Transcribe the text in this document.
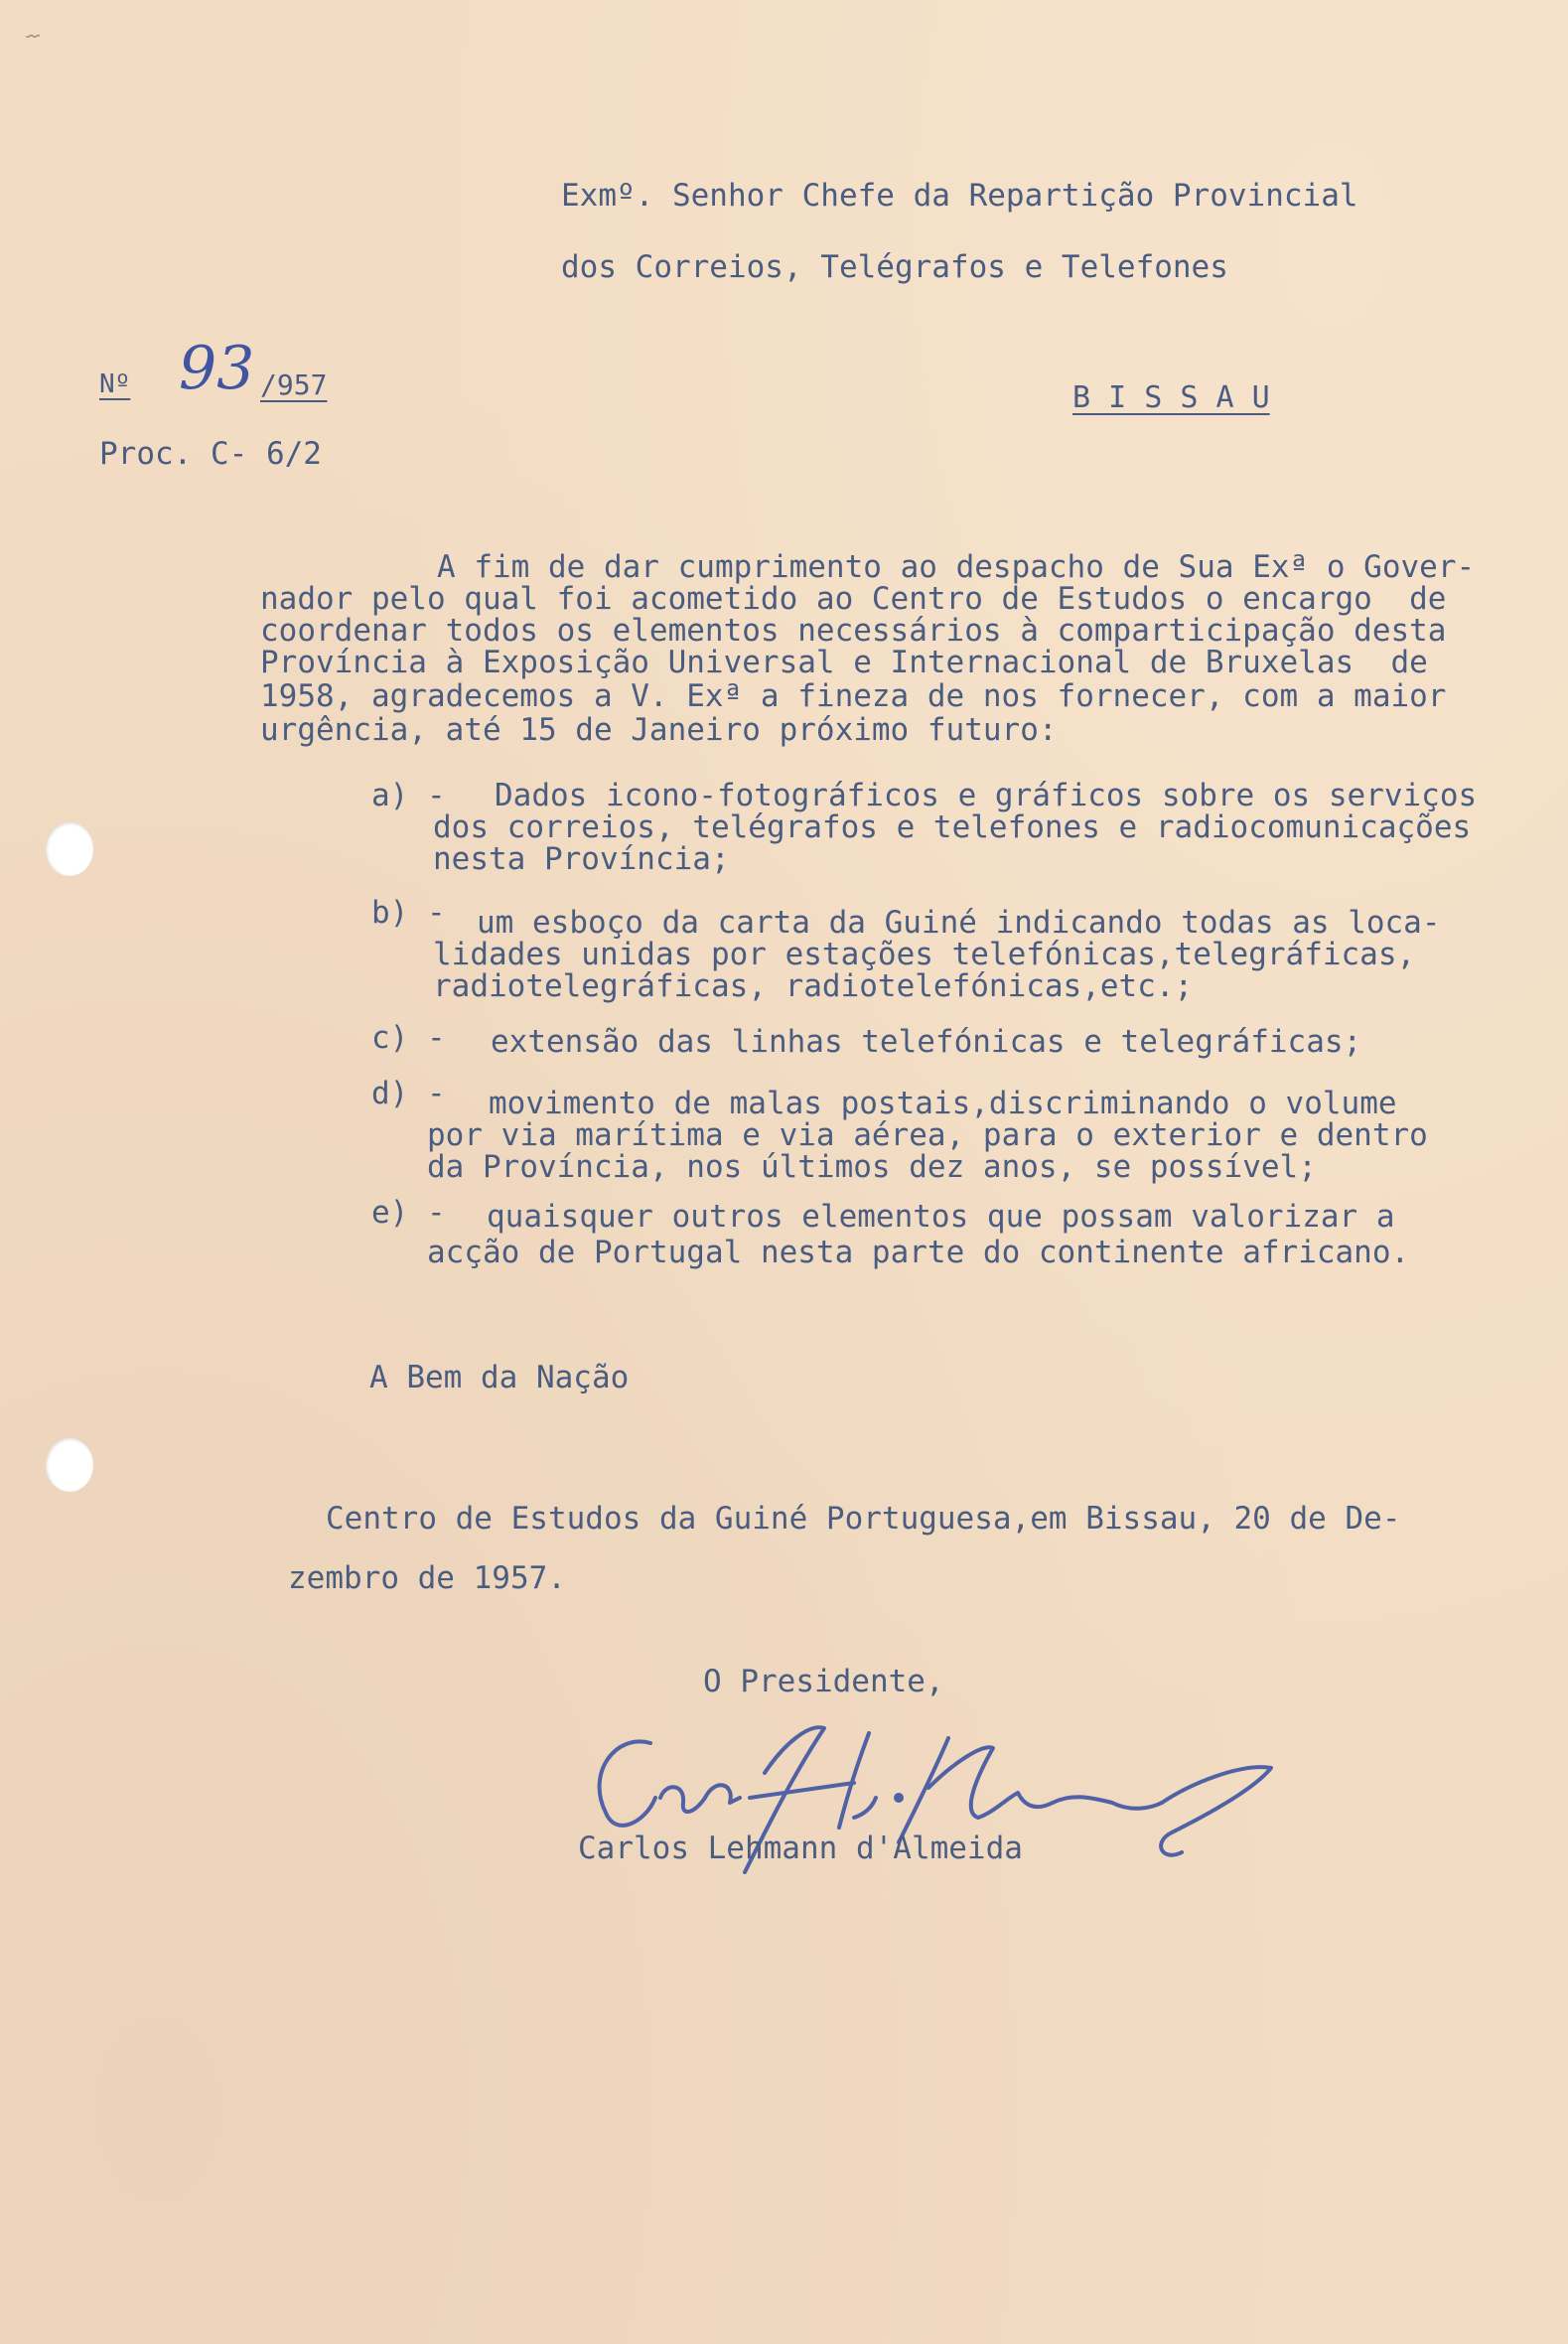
⌇
Exmº. Senhor Chefe da Repartição Provincial
dos Correios, Telégrafos e Telefones
Nº 93 /957
Proc. C- 6/2
B I S S A U
A fim de dar cumprimento ao despacho de Sua Exª o Gover-
nador pelo qual foi acometido ao Centro de Estudos o encargo  de
coordenar todos os elementos necessários à comparticipação desta
Província à Exposição Universal e Internacional de Bruxelas  de
1958, agradecemos a V. Exª a fineza de nos fornecer, com a maior
urgência, até 15 de Janeiro próximo futuro:
a) - Dados icono-fotográficos e gráficos sobre os serviços
dos correios, telégrafos e telefones e radiocomunicações
nesta Província;
b) - um esboço da carta da Guiné indicando todas as loca-
lidades unidas por estações telefónicas,telegráficas,
radiotelegráficas, radiotelefónicas,etc.;
c) - extensão das linhas telefónicas e telegráficas;
d) - movimento de malas postais,discriminando o volume
por via marítima e via aérea, para o exterior e dentro
da Província, nos últimos dez anos, se possível;
e) - quaisquer outros elementos que possam valorizar a
acção de Portugal nesta parte do continente africano.
A Bem da Nação
Centro de Estudos da Guiné Portuguesa,em Bissau, 20 de De-
zembro de 1957.
O Presidente,
Carlos Lehmann d'Almeida
